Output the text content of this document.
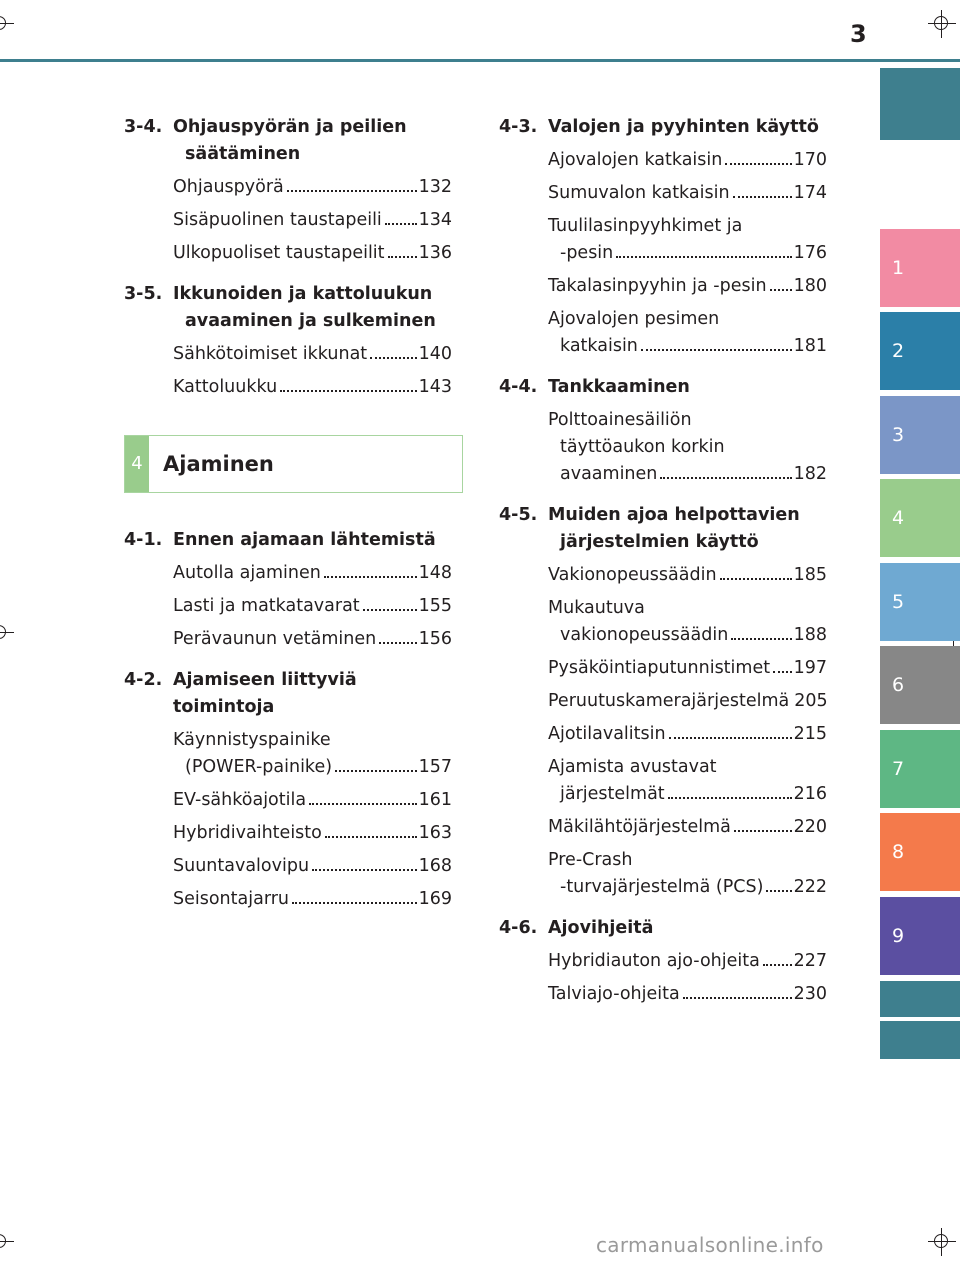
3
3-4. Ohjauspyörän ja peilien
säätäminen
Ohjauspyörä	132
Sisäpuolinen taustapeili 134
Ulkopuoliset taustapeilit 136
3-5. Ikkunoiden ja kattoluukun
avaaminen ja sulkeminen
Sähkötoimiset ikkunat	140
Kattoluukku	143
4 Ajaminen
4-1. Ennen ajamaan lähtemistä
Autolla ajaminen	148
Lasti ja matkatavarat	155
Perävaunun vetäminen 156
4-2. Ajamiseen liittyviä toimintoja
Käynnistyspainike
(POWER-painike)	157
EV-sähköajotila	161
Hybridivaihteisto	163
Suuntavalovipu	168
Seisontajarru	169
4-3. Valojen ja pyyhinten käyttö
Ajovalojen katkaisin	170
Sumuvalon katkaisin	174
Tuulilasinpyyhkimet ja
-pesin	176
Takalasinpyyhin ja -pesin 180
Ajovalojen pesimen
katkaisin	181
4-4. Tankkaaminen
Polttoainesäiliön
täyttöaukon korkin
avaaminen	182
4-5. Muiden ajoa helpottavien
järjestelmien käyttö
Vakionopeussäädin	185
Mukautuva
vakionopeussäädin	188
Pysäköintiaputunnistimet 197
Peruutuskamerajärjestelmä 205
Ajotilavalitsin	215
Ajamista avustavat
järjestelmät	216
Mäkilähtöjärjestelmä	220
Pre-Crash
-turvajärjestelmä (PCS) 222
4-6. Ajovihjeitä
Hybridiauton ajo-ohjeita 227
Talviajo-ohjeita	230
1
2
3
4
5
6
7
8
9
carmanualsonline.info
